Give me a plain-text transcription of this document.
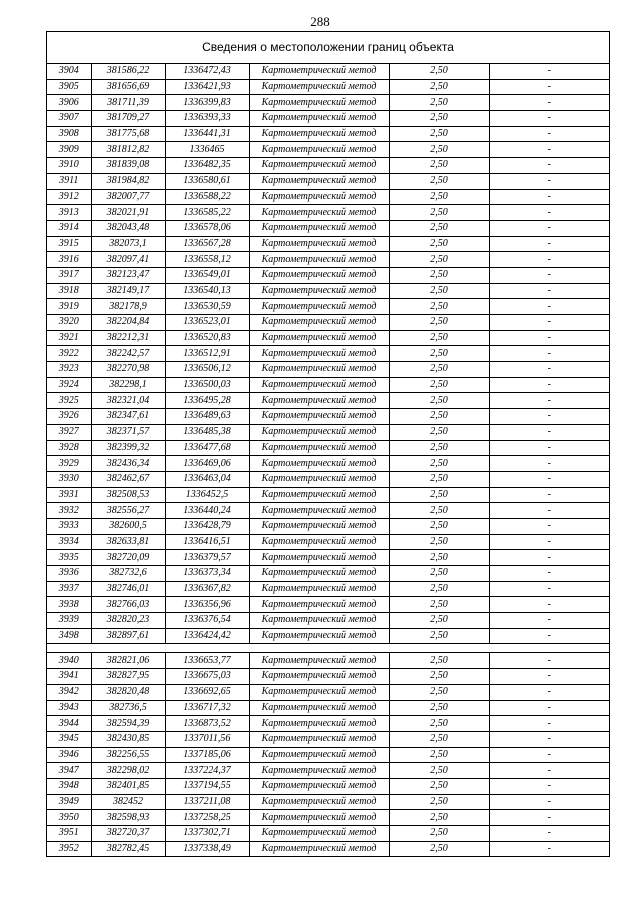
288
Сведения о местоположении границ объекта
3904	381586,22	1336472,43	Картометрический метод	2,50	-
3905	381656,69	1336421,93	Картометрический метод	2,50	-
3906	381711,39	1336399,83	Картометрический метод	2,50	-
3907	381709,27	1336393,33	Картометрический метод	2,50	-
3908	381775,68	1336441,31	Картометрический метод	2,50	-
3909	381812,82	1336465	Картометрический метод	2,50	-
3910	381839,08	1336482,35	Картометрический метод	2,50	-
3911	381984,82	1336580,61	Картометрический метод	2,50	-
3912	382007,77	1336588,22	Картометрический метод	2,50	-
3913	382021,91	1336585,22	Картометрический метод	2,50	-
3914	382043,48	1336578,06	Картометрический метод	2,50	-
3915	382073,1	1336567,28	Картометрический метод	2,50	-
3916	382097,41	1336558,12	Картометрический метод	2,50	-
3917	382123,47	1336549,01	Картометрический метод	2,50	-
3918	382149,17	1336540,13	Картометрический метод	2,50	-
3919	382178,9	1336530,59	Картометрический метод	2,50	-
3920	382204,84	1336523,01	Картометрический метод	2,50	-
3921	382212,31	1336520,83	Картометрический метод	2,50	-
3922	382242,57	1336512,91	Картометрический метод	2,50	-
3923	382270,98	1336506,12	Картометрический метод	2,50	-
3924	382298,1	1336500,03	Картометрический метод	2,50	-
3925	382321,04	1336495,28	Картометрический метод	2,50	-
3926	382347,61	1336489,63	Картометрический метод	2,50	-
3927	382371,57	1336485,38	Картометрический метод	2,50	-
3928	382399,32	1336477,68	Картометрический метод	2,50	-
3929	382436,34	1336469,06	Картометрический метод	2,50	-
3930	382462,67	1336463,04	Картометрический метод	2,50	-
3931	382508,53	1336452,5	Картометрический метод	2,50	-
3932	382556,27	1336440,24	Картометрический метод	2,50	-
3933	382600,5	1336428,79	Картометрический метод	2,50	-
3934	382633,81	1336416,51	Картометрический метод	2,50	-
3935	382720,09	1336379,57	Картометрический метод	2,50	-
3936	382732,6	1336373,34	Картометрический метод	2,50	-
3937	382746,01	1336367,82	Картометрический метод	2,50	-
3938	382766,03	1336356,96	Картометрический метод	2,50	-
3939	382820,23	1336376,54	Картометрический метод	2,50	-
3498	382897,61	1336424,42	Картометрический метод	2,50	-

3940	382821,06	1336653,77	Картометрический метод	2,50	-
3941	382827,95	1336675,03	Картометрический метод	2,50	-
3942	382820,48	1336692,65	Картометрический метод	2,50	-
3943	382736,5	1336717,32	Картометрический метод	2,50	-
3944	382594,39	1336873,52	Картометрический метод	2,50	-
3945	382430,85	1337011,56	Картометрический метод	2,50	-
3946	382256,55	1337185,06	Картометрический метод	2,50	-
3947	382298,02	1337224,37	Картометрический метод	2,50	-
3948	382401,85	1337194,55	Картометрический метод	2,50	-
3949	382452	1337211,08	Картометрический метод	2,50	-
3950	382598,93	1337258,25	Картометрический метод	2,50	-
3951	382720,37	1337302,71	Картометрический метод	2,50	-
3952	382782,45	1337338,49	Картометрический метод	2,50	-
